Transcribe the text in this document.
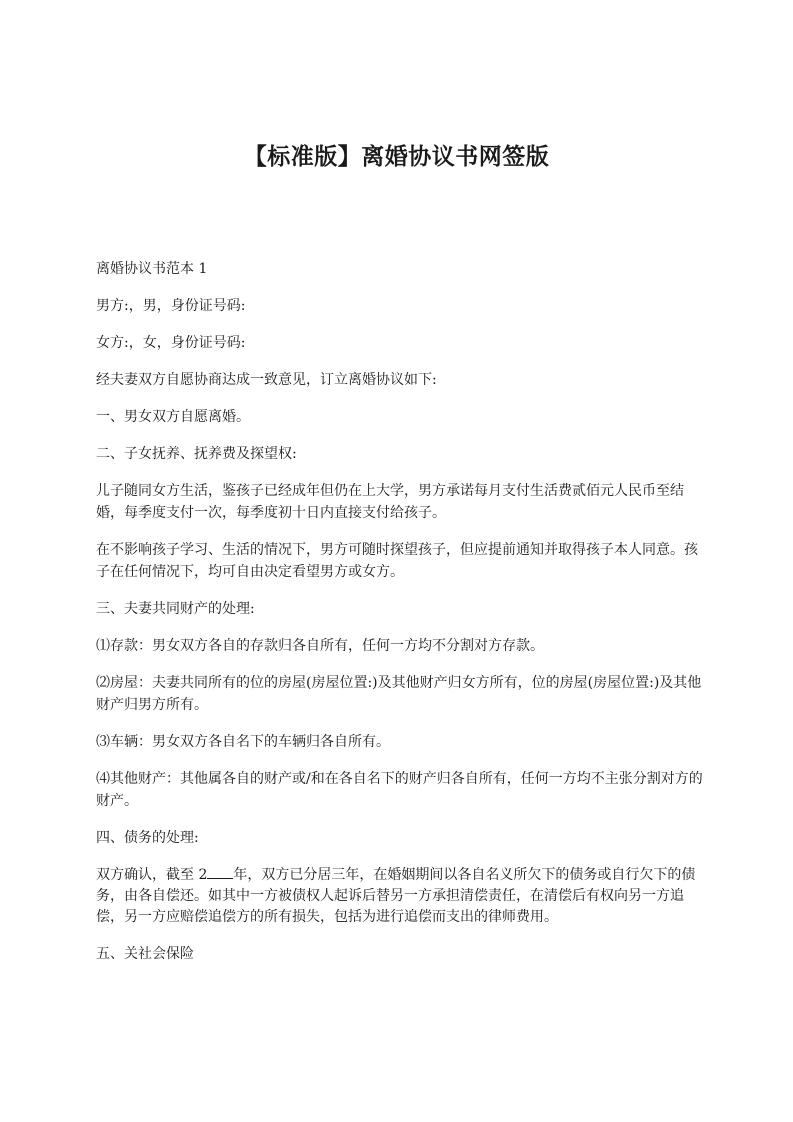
【标准版】离婚协议书网签版

离婚协议书范本 1

男方:，男，身份证号码:

女方:，女，身份证号码:

经夫妻双方自愿协商达成一致意见，订立离婚协议如下:

一、男女双方自愿离婚。

二、子女抚养、抚养费及探望权:

儿子随同女方生活，鉴孩子已经成年但仍在上大学，男方承诺每月支付生活费贰佰元人民币至结婚，每季度支付一次，每季度初十日内直接支付给孩子。

在不影响孩子学习、生活的情况下，男方可随时探望孩子，但应提前通知并取得孩子本人同意。孩子在任何情况下，均可自由决定看望男方或女方。

三、夫妻共同财产的处理:

⑴存款：男女双方各自的存款归各自所有，任何一方均不分割对方存款。

⑵房屋：夫妻共同所有的位的房屋(房屋位置:)及其他财产归女方所有，位的房屋(房屋位置:)及其他财产归男方所有。

⑶车辆：男女双方各自名下的车辆归各自所有。

⑷其他财产：其他属各自的财产或/和在各自名下的财产归各自所有，任何一方均不主张分割对方的财产。

四、债务的处理:

双方确认，截至 2 年，双方已分居三年，在婚姻期间以各自名义所欠下的债务或自行欠下的债务，由各自偿还。如其中一方被债权人起诉后替另一方承担清偿责任，在清偿后有权向另一方追偿，另一方应赔偿追偿方的所有损失，包括为进行追偿而支出的律师费用。

五、关社会保险
